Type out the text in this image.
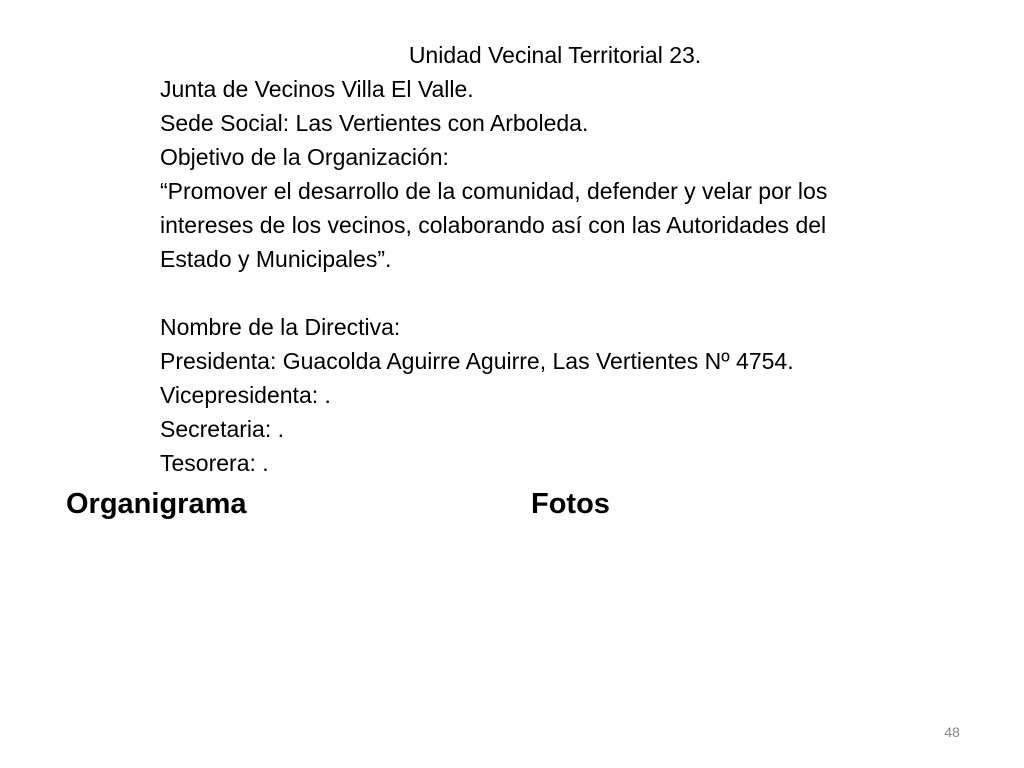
Unidad Vecinal Territorial 23.
Junta de Vecinos Villa El Valle.
Sede Social: Las Vertientes con Arboleda.
Objetivo de la Organización:
“Promover el desarrollo de la comunidad, defender y velar por los
intereses de los vecinos, colaborando así con las Autoridades del
Estado y Municipales”.
Nombre de la Directiva:
Presidenta: Guacolda Aguirre Aguirre, Las Vertientes Nº 4754.
Vicepresidenta: .
Secretaria: .
Tesorera: .
Organigrama	Fotos
48
